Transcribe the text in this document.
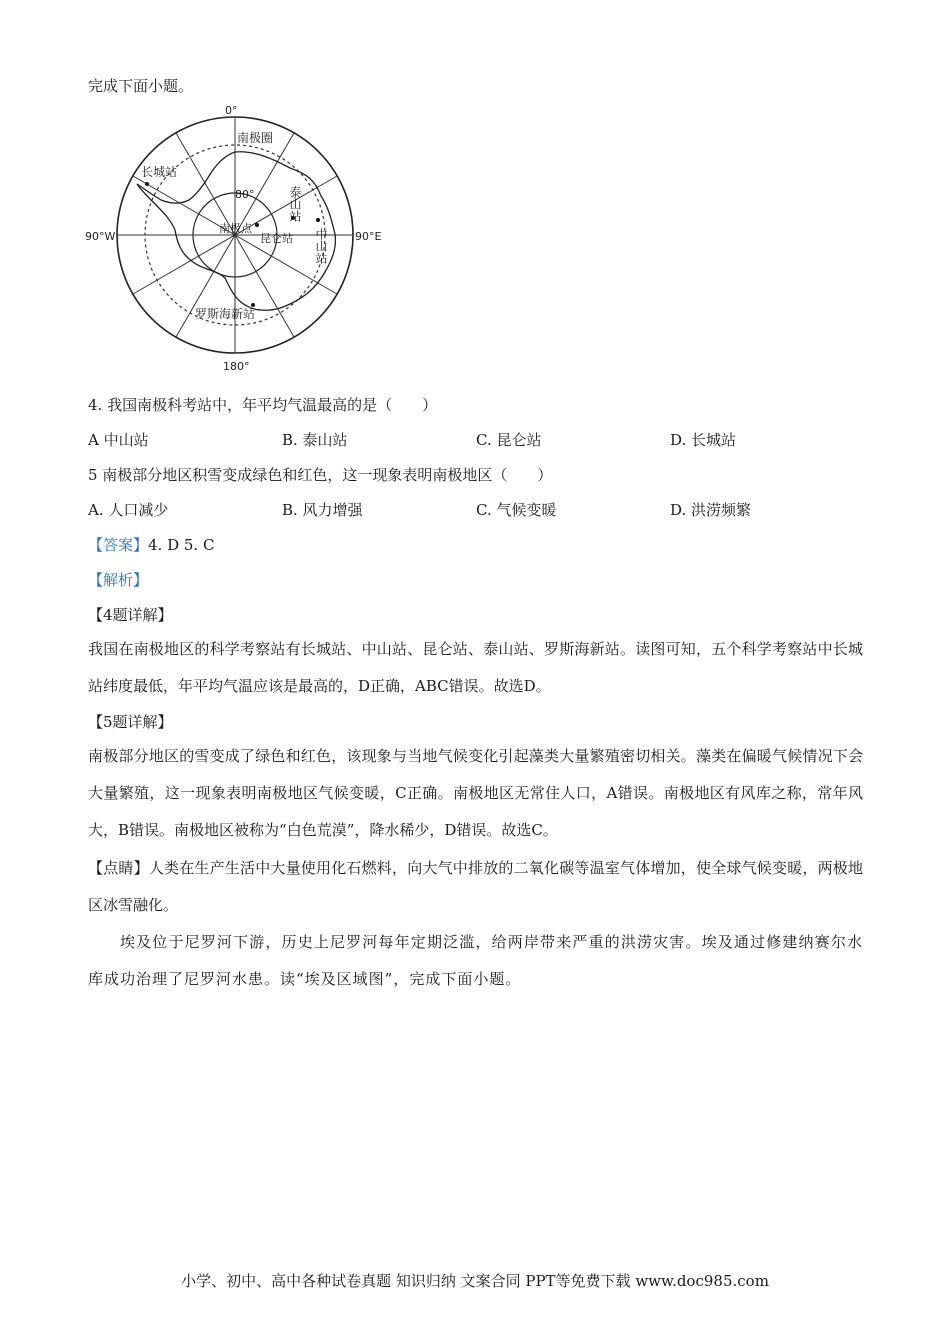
完成下面小题。
0°
180°
90°W	90°E
80°
南极圈
南极点
长城站
昆仑站
罗斯海新站
泰山站
中山站
4. 我国南极科考站中，年平均气温最高的是（　　）
A 中山站	B. 泰山站	C. 昆仑站	D. 长城站
5 南极部分地区积雪变成绿色和红色，这一现象表明南极地区（　　）
A. 人口减少	B. 风力增强	C. 气候变暖	D. 洪涝频繁
【答案】4. D 5. C
【解析】
【4题详解】
我国在南极地区的科学考察站有长城站、中山站、昆仑站、泰山站、罗斯海新站。读图可知，五个科学考察站中长城站纬度最低，年平均气温应该是最高的，D正确，ABC错误。故选D。
【5题详解】
南极部分地区的雪变成了绿色和红色，该现象与当地气候变化引起藻类大量繁殖密切相关。藻类在偏暖气候情况下会大量繁殖，这一现象表明南极地区气候变暖，C正确。南极地区无常住人口，A错误。南极地区有风库之称，常年风大，B错误。南极地区被称为“白色荒漠”，降水稀少，D错误。故选C。
【点睛】人类在生产生活中大量使用化石燃料，向大气中排放的二氧化碳等温室气体增加，使全球气候变暖，两极地区冰雪融化。
埃及位于尼罗河下游，历史上尼罗河每年定期泛滥，给两岸带来严重的洪涝灾害。埃及通过修建纳赛尔水库成功治理了尼罗河水患。读“埃及区域图”，完成下面小题。
小学、初中、高中各种试卷真题 知识归纳 文案合同 PPT等免费下载 www.doc985.com
